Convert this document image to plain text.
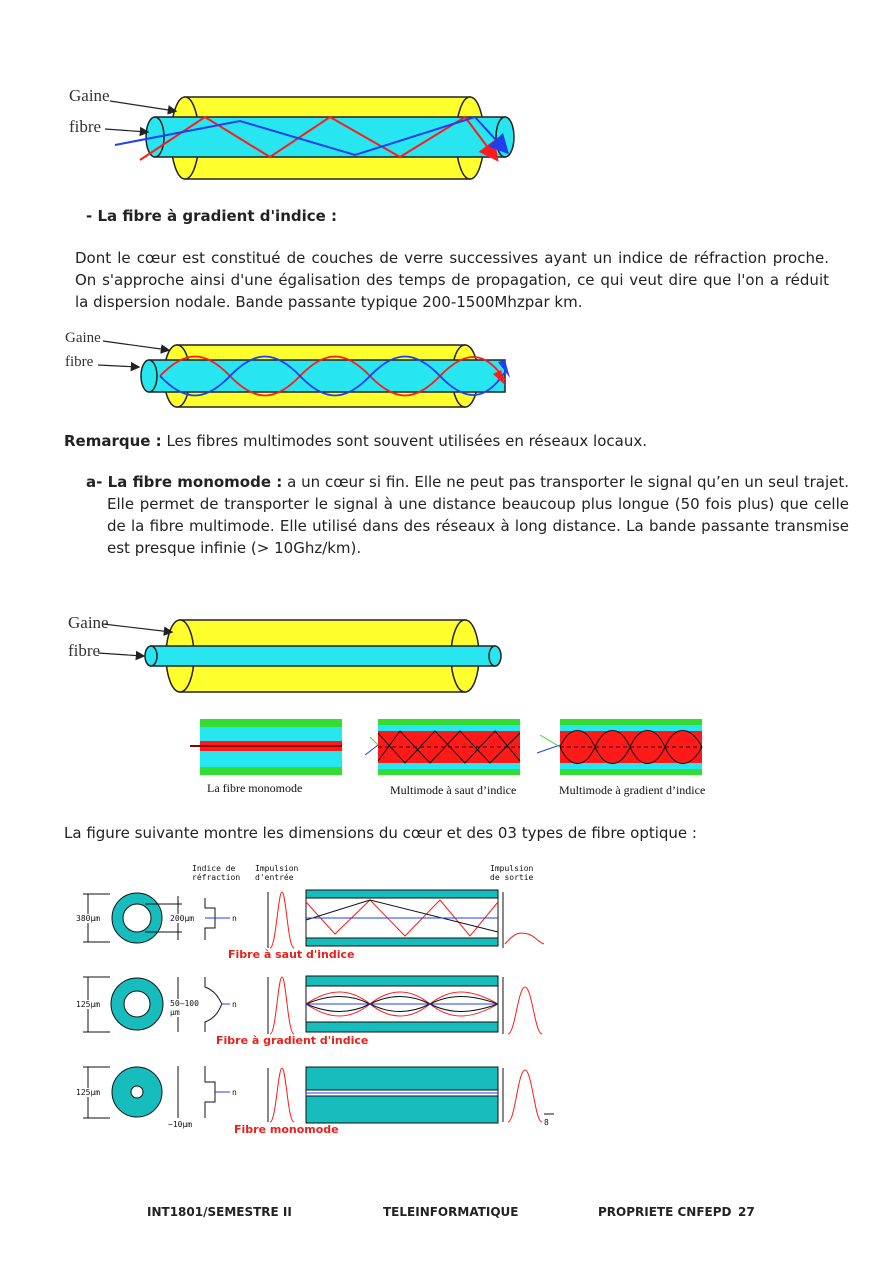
Gaine
fibre
- La fibre à gradient d'indice :
Dont le cœur est constitué de couches de verre successives ayant un indice de réfraction proche. On s'approche ainsi d'une égalisation des temps de propagation, ce qui veut dire que l'on a réduit la dispersion nodale. Bande passante typique 200-1500Mhzpar km.
Gaine
fibre
Remarque : Les fibres multimodes sont souvent utilisées en réseaux locaux.
a- La fibre monomode : a un cœur si fin. Elle ne peut pas transporter le signal qu’en un seul trajet. Elle permet de transporter le signal à une distance beaucoup plus longue (50 fois plus) que celle de la fibre multimode. Elle utilisé dans des réseaux à long distance. La bande passante transmise est presque infinie (> 10Ghz/km).
Gaine
fibre
La fibre monomode	Multimode à saut d’indice	Multimode à gradient d’indice
La figure suivante montre les dimensions du cœur et des 03 types de fibre optique :
Indice de
réfraction
Impulsion
d'entrée
Impulsion
de sortie
380µm	200µm	n
Fibre à saut d'indice
125µm	50–100
µm
n
Fibre à gradient d'indice
125µm
~10µm
n
Fibre monomode
8
INT1801/SEMESTRE II	TELEINFORMATIQUE	PROPRIETE CNFEPD 27
